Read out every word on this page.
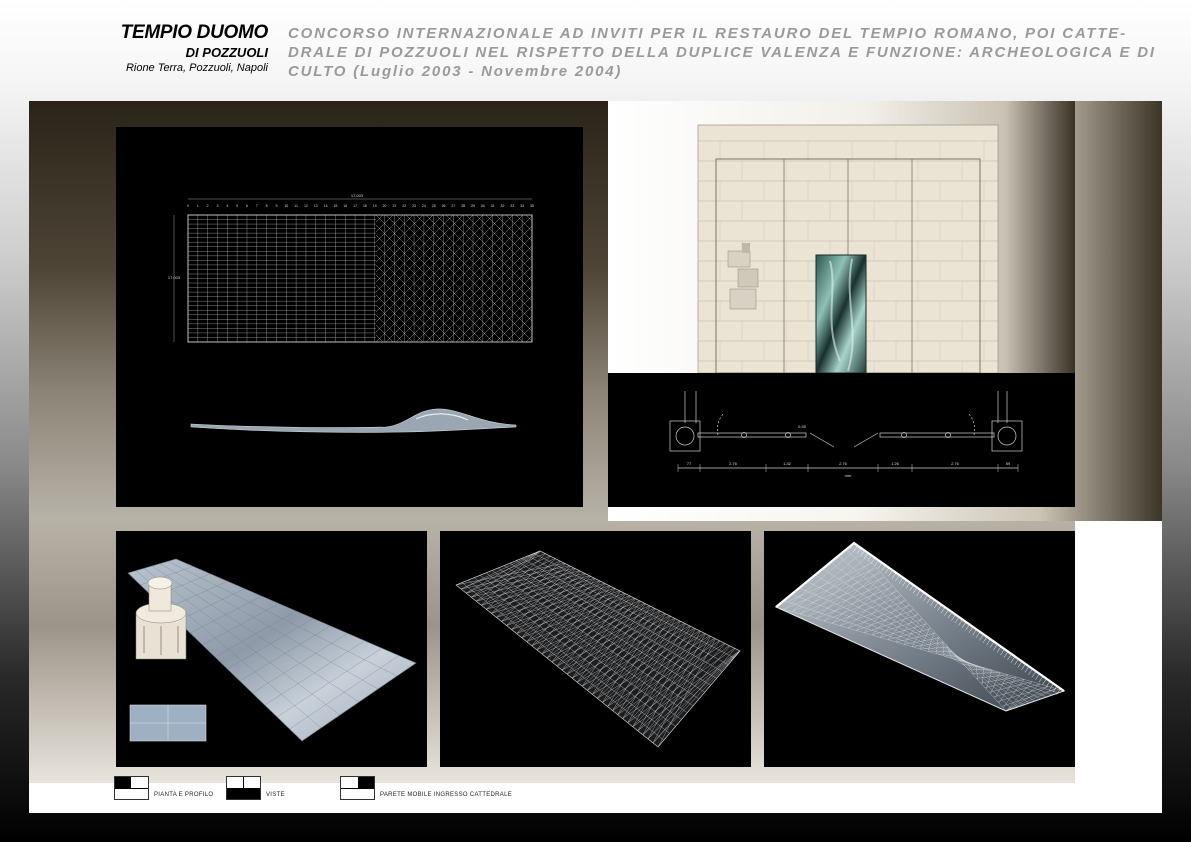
TEMPIO DUOMO
DI POZZUOLI
Rione Terra, Pozzuoli, Napoli
CONCORSO INTERNAZIONALE AD INVITI PER IL RESTAURO DEL TEMPIO ROMANO, POI CATTE-DRALE DI POZZUOLI NEL RISPETTO DELLA DUPLICE VALENZA E FUNZIONE: ARCHEOLOGICA E DI CULTO (Luglio 2003 - Novembre 2004)
17.003
17.003
0 1 2 3 4 5 6 7 8 9 10 11 12 13 14 15 16 17 18 19 20 21 22 23 24 25 26 27 28 29 30 31 32 33 34 35
77	2.76	1.32	2.76	1.26	2.76	59
0.35
mm
PIANTA E PROFILO	VISTE	PARETE MOBILE INGRESSO CATTEDRALE
